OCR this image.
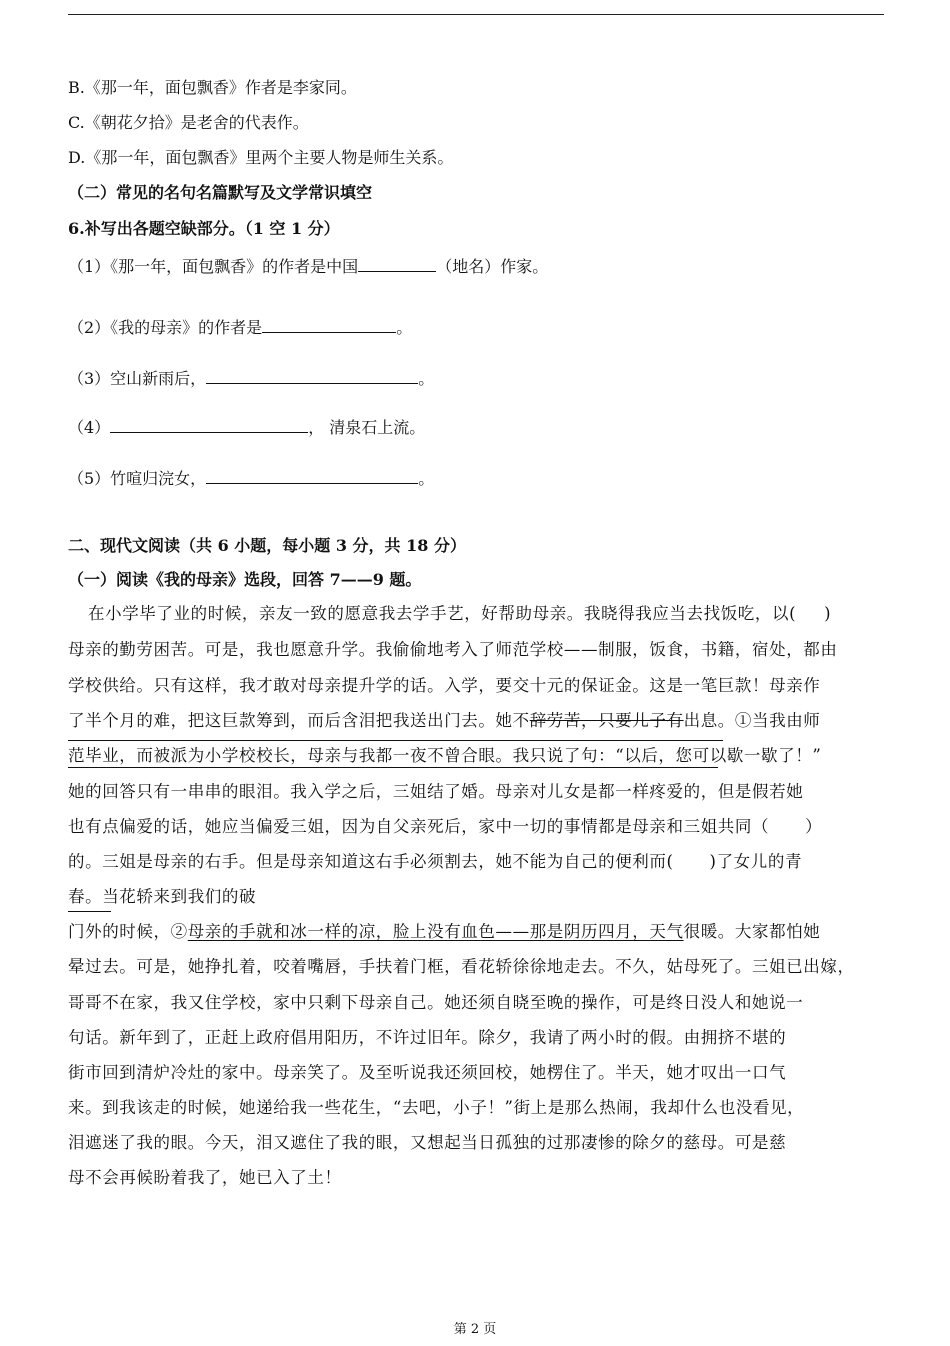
B.《那一年，面包飘香》作者是李家同。
C.《朝花夕拾》是老舍的代表作。
D.《那一年，面包飘香》里两个主要人物是师生关系。
（二）常见的名句名篇默写及文学常识填空
6.补写出各题空缺部分。（1 空 1 分）
（1）《那一年，面包飘香》的作者是中国	（地名）作家。
（2）《我的母亲》的作者是	。
（3）空山新雨后，	。
（4）	， 清泉石上流。
（5）竹喧归浣女，	。
二、现代文阅读（共 6 小题，每小题 3 分，共 18 分）
（一）阅读《我的母亲》选段，回答 7——9 题。
在小学毕了业的时候，亲友一致的愿意我去学手艺，好帮助母亲。我晓得我应当去找饭吃，以( )
母亲的勤劳困苦。可是，我也愿意升学。我偷偷地考入了师范学校——制服，饭食，书籍，宿处，都由
学校供给。只有这样，我才敢对母亲提升学的话。入学，要交十元的保证金。这是一笔巨款！母亲作
了半个月的难，把这巨款筹到，而后含泪把我送出门去。她不辞劳苦，只要儿子有出息。①当我由师
范毕业，而被派为小学校校长，母亲与我都一夜不曾合眼。我只说了句：“以后，您可以歇一歇了！”
她的回答只有一串串的眼泪。我入学之后，三姐结了婚。母亲对儿女是都一样疼爱的，但是假若她
也有点偏爱的话，她应当偏爱三姐，因为自父亲死后，家中一切的事情都是母亲和三姐共同（ ）
的。三姐是母亲的右手。但是母亲知道这右手必须割去，她不能为自己的便利而( )了女儿的青
春。当花轿来到我们的破
门外的时候，②母亲的手就和冰一样的凉，脸上没有血色——那是阴历四月，天气很暖。大家都怕她
晕过去。可是，她挣扎着，咬着嘴唇，手扶着门框，看花轿徐徐地走去。不久，姑母死了。三姐已出嫁，
哥哥不在家，我又住学校，家中只剩下母亲自己。她还须自晓至晚的操作，可是终日没人和她说一
句话。新年到了，正赶上政府倡用阳历，不许过旧年。除夕，我请了两小时的假。由拥挤不堪的
街市回到清炉冷灶的家中。母亲笑了。及至听说我还须回校，她楞住了。半天，她才叹出一口气
来。到我该走的时候，她递给我一些花生，“去吧，小子！”街上是那么热闹，我却什么也没看见，
泪遮迷了我的眼。今天，泪又遮住了我的眼，又想起当日孤独的过那凄惨的除夕的慈母。可是慈
母不会再候盼着我了，她已入了土！
第 2 页
